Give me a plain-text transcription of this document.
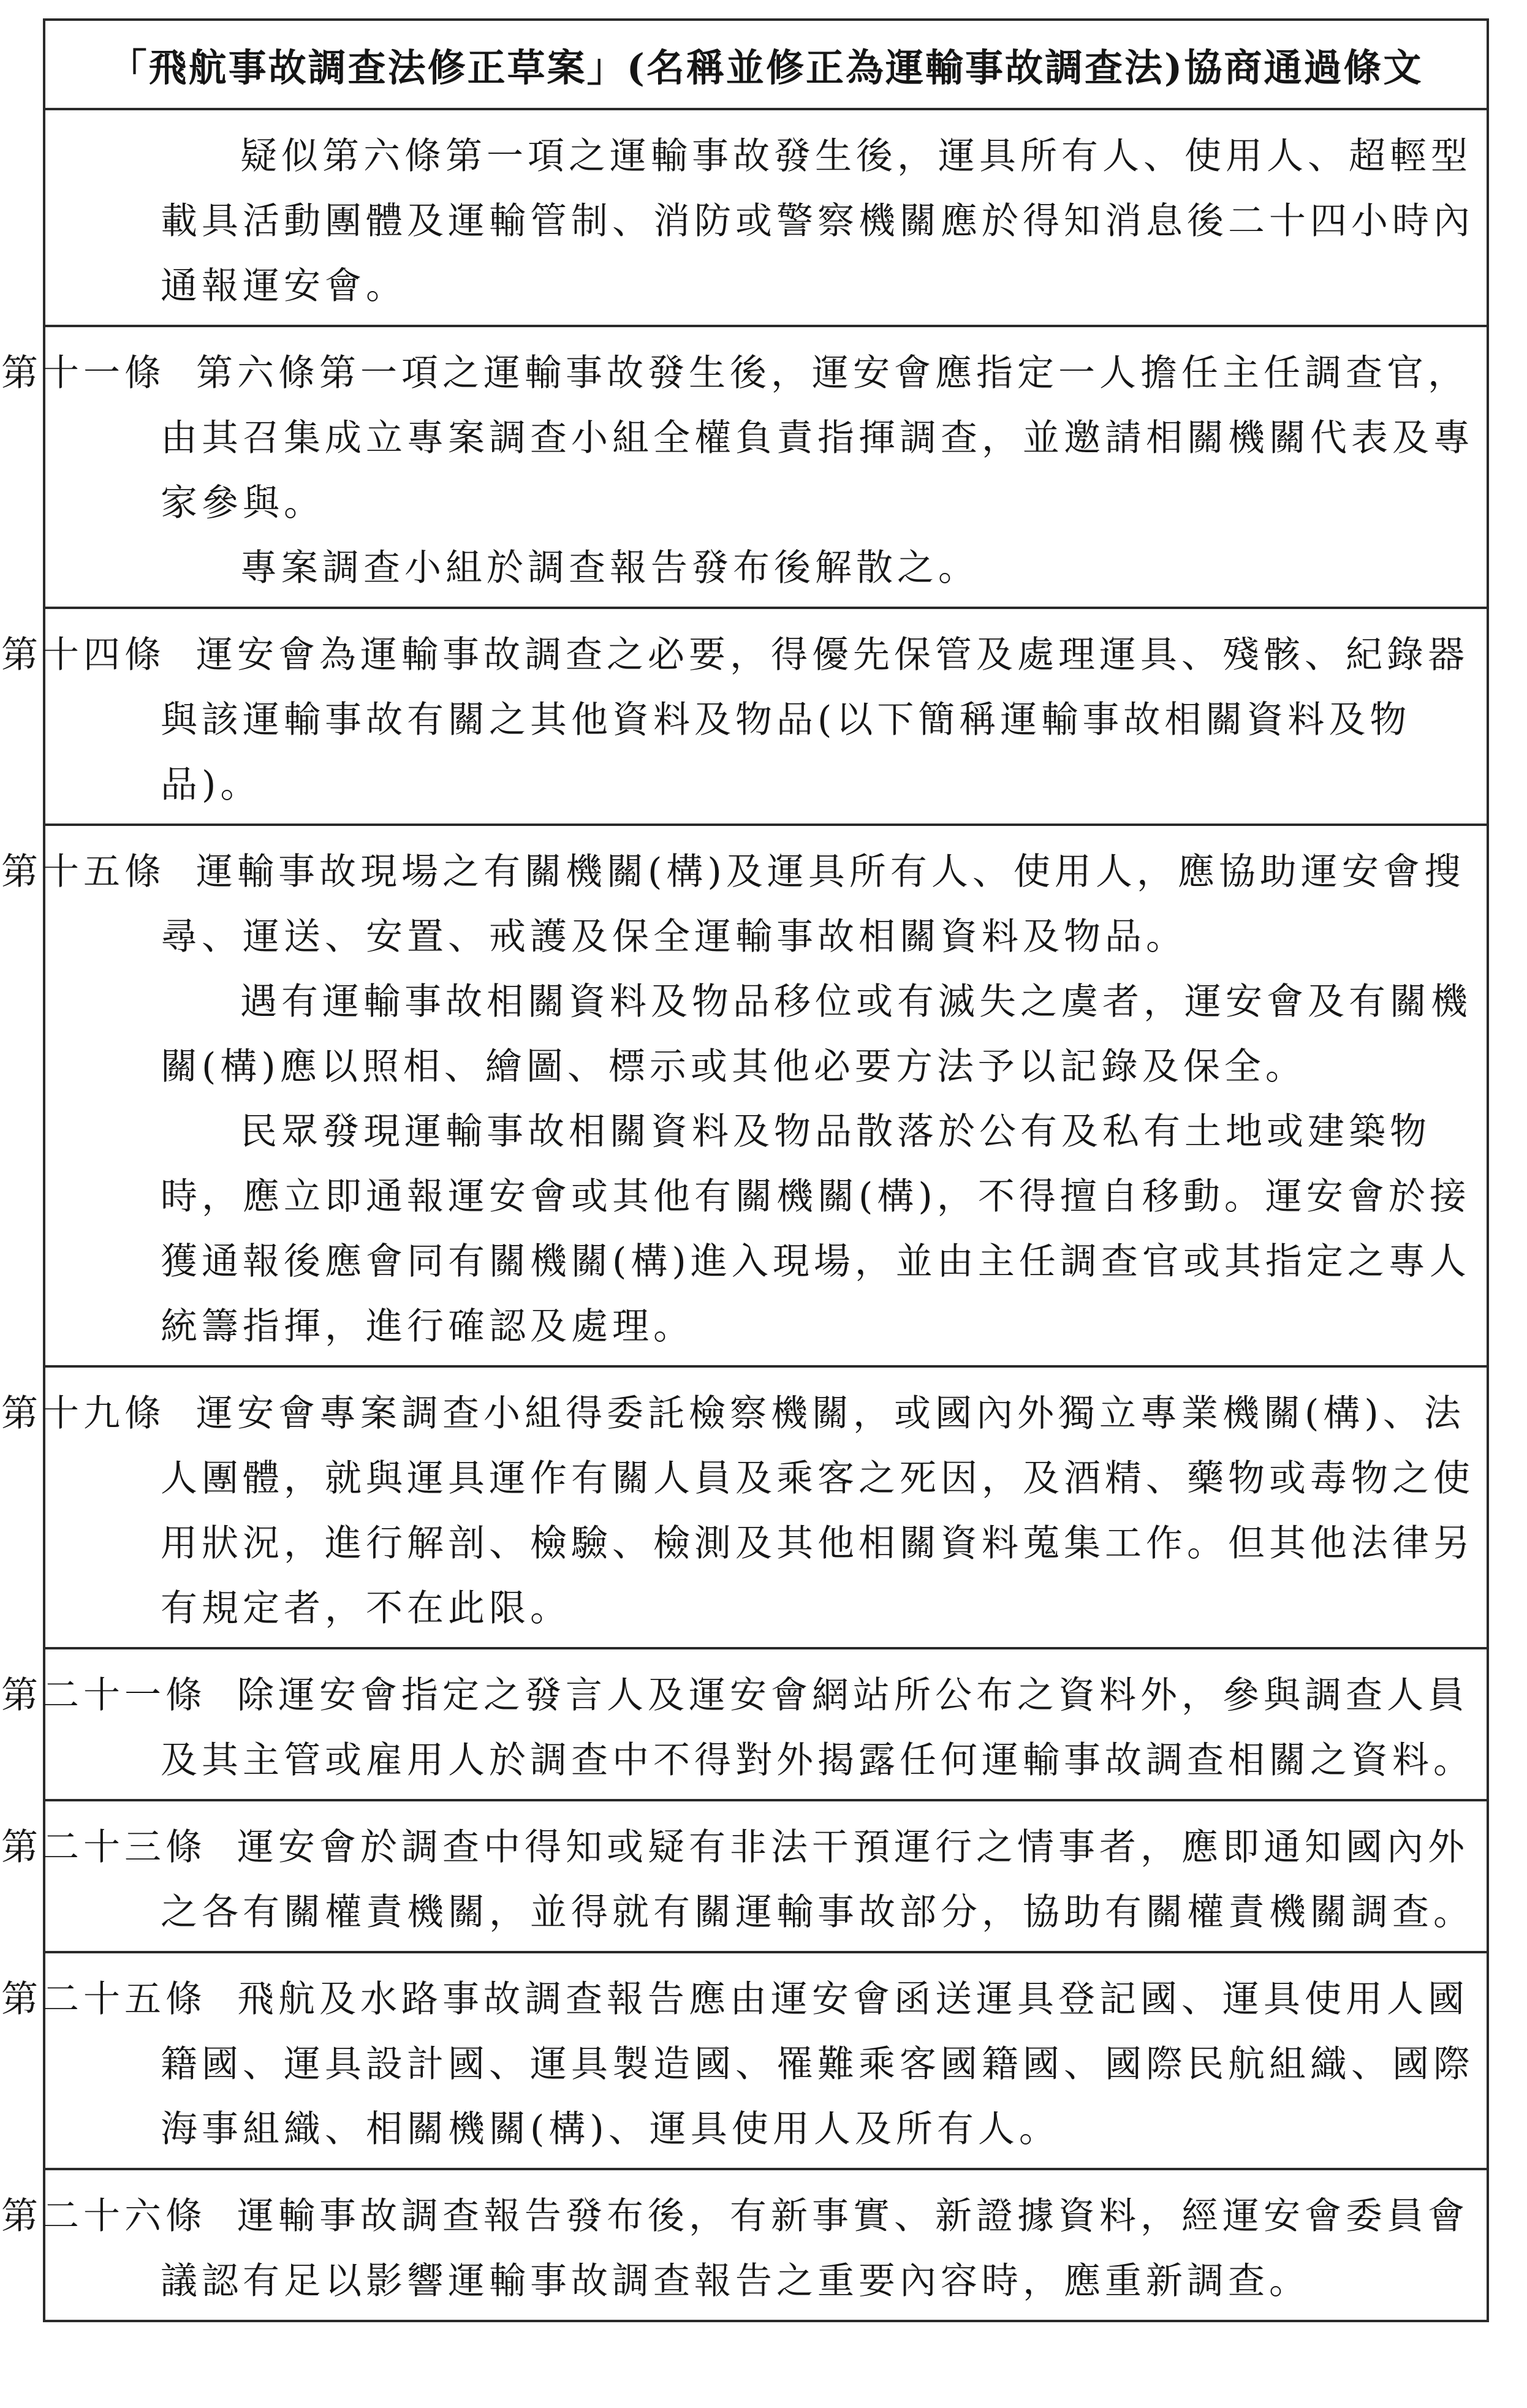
「飛航事故調查法修正草案」(名稱並修正為運輸事故調查法)協商通過條文

疑似第六條第一項之運輸事故發生後，運具所有人、使用人、超輕型載具活動團體及運輸管制、消防或警察機關應於得知消息後二十四小時內通報運安會。

第十一條 第六條第一項之運輸事故發生後，運安會應指定一人擔任主任調查官，由其召集成立專案調查小組全權負責指揮調查，並邀請相關機關代表及專家參與。

專案調查小組於調查報告發布後解散之。

第十四條 運安會為運輸事故調查之必要，得優先保管及處理運具、殘骸、紀錄器與該運輸事故有關之其他資料及物品(以下簡稱運輸事故相關資料及物品)。

第十五條 運輸事故現場之有關機關(構)及運具所有人、使用人，應協助運安會搜尋、運送、安置、戒護及保全運輸事故相關資料及物品。

遇有運輸事故相關資料及物品移位或有滅失之虞者，運安會及有關機關(構)應以照相、繪圖、標示或其他必要方法予以記錄及保全。

民眾發現運輸事故相關資料及物品散落於公有及私有土地或建築物時，應立即通報運安會或其他有關機關(構)，不得擅自移動。運安會於接獲通報後應會同有關機關(構)進入現場，並由主任調查官或其指定之專人統籌指揮，進行確認及處理。

第十九條 運安會專案調查小組得委託檢察機關，或國內外獨立專業機關(構)、法人團體，就與運具運作有關人員及乘客之死因，及酒精、藥物或毒物之使用狀況，進行解剖、檢驗、檢測及其他相關資料蒐集工作。但其他法律另有規定者，不在此限。

第二十一條 除運安會指定之發言人及運安會網站所公布之資料外，參與調查人員及其主管或雇用人於調查中不得對外揭露任何運輸事故調查相關之資料。

第二十三條 運安會於調查中得知或疑有非法干預運行之情事者，應即通知國內外之各有關權責機關，並得就有關運輸事故部分，協助有關權責機關調查。

第二十五條 飛航及水路事故調查報告應由運安會函送運具登記國、運具使用人國籍國、運具設計國、運具製造國、罹難乘客國籍國、國際民航組織、國際海事組織、相關機關(構)、運具使用人及所有人。

第二十六條 運輸事故調查報告發布後，有新事實、新證據資料，經運安會委員會議認有足以影響運輸事故調查報告之重要內容時，應重新調查。
